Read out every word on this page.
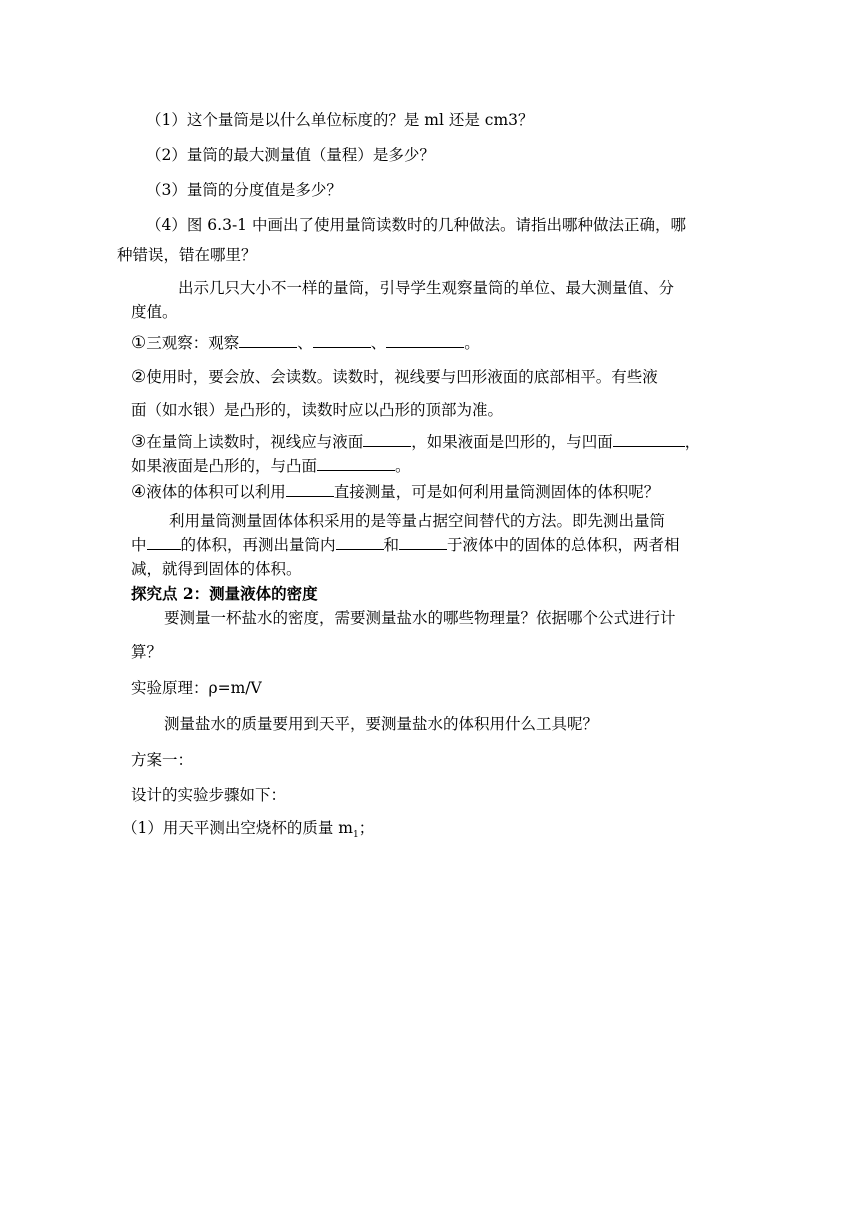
（1）这个量筒是以什么单位标度的？是 ml 还是 cm3？
（2）量筒的最大测量值（量程）是多少？
（3）量筒的分度值是多少？
（4）图 6.3-1 中画出了使用量筒读数时的几种做法。请指出哪种做法正确，哪
种错误，错在哪里？
出示几只大小不一样的量筒，引导学生观察量筒的单位、最大测量值、分
度值。
①三观察：观察	、	、	。
②使用时，要会放、会读数。读数时，视线要与凹形液面的底部相平。有些液
面（如水银）是凸形的，读数时应以凸形的顶部为准。
③在量筒上读数时，视线应与液面	，如果液面是凹形的，与凹面	，
如果液面是凸形的，与凸面	。
④液体的体积可以利用	直接测量，可是如何利用量筒测固体的体积呢？
利用量筒测量固体体积采用的是等量占据空间替代的方法。即先测出量筒
中 的体积，再测出量筒内	和	于液体中的固体的总体积，两者相
减，就得到固体的体积。
探究点 2：测量液体的密度
要测量一杯盐水的密度，需要测量盐水的哪些物理量？依据哪个公式进行计
算？
实验原理：ρ=m/V
测量盐水的质量要用到天平，要测量盐水的体积用什么工具呢？
方案一：
设计的实验步骤如下：
（1）用天平测出空烧杯的质量 $m_1$；
